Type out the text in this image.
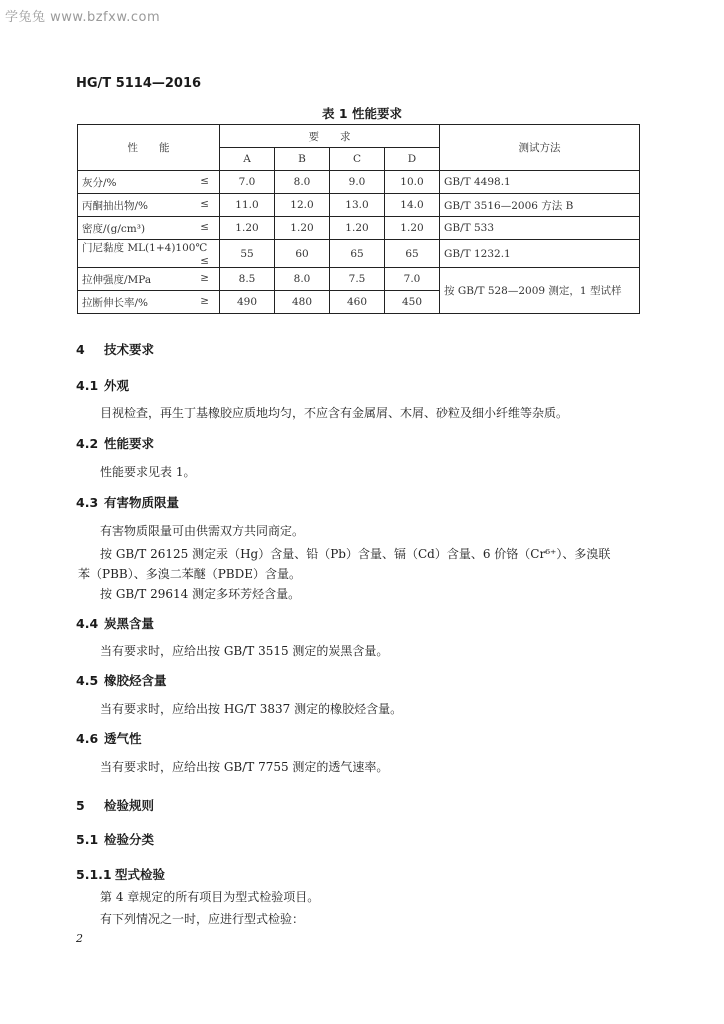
学兔兔 www.bzfxw.com
HG/T 5114—2016
表 1 性能要求
性　　能	要　　求				测试方法
	A	B	C	D	

灰分/% ≤	7.0	8.0	9.0	10.0	GB/T 4498.1

丙酮抽出物/% ≤	11.0	12.0	13.0	14.0	GB/T 3516—2006 方法 B

密度/(g/cm³) ≤	1.20	1.20	1.20	1.20	GB/T 533

门尼黏度 ML(1+4)100℃
≤	55	60	65	65	GB/T 1232.1

拉伸强度/MPa ≥	8.5	8.0	7.5	7.0	按 GB/T 528—2009 测定，1 型试样

拉断伸长率/% ≥	490	480	460	450	
4 技术要求
4.1 外观
目视检查，再生丁基橡胶应质地均匀，不应含有金属屑、木屑、砂粒及细小纤维等杂质。
4.2 性能要求
性能要求见表 1。
4.3 有害物质限量
有害物质限量可由供需双方共同商定。
按 GB/T 26125 测定汞（Hg）含量、铅（Pb）含量、镉（Cd）含量、6 价铬（Cr⁶⁺）、多溴联
苯（PBB）、多溴二苯醚（PBDE）含量。
按 GB/T 29614 测定多环芳烃含量。
4.4 炭黑含量
当有要求时，应给出按 GB/T 3515 测定的炭黑含量。
4.5 橡胶烃含量
当有要求时，应给出按 HG/T 3837 测定的橡胶烃含量。
4.6 透气性
当有要求时，应给出按 GB/T 7755 测定的透气速率。
5 检验规则
5.1 检验分类
5.1.1 型式检验
第 4 章规定的所有项目为型式检验项目。
有下列情况之一时，应进行型式检验：
2
